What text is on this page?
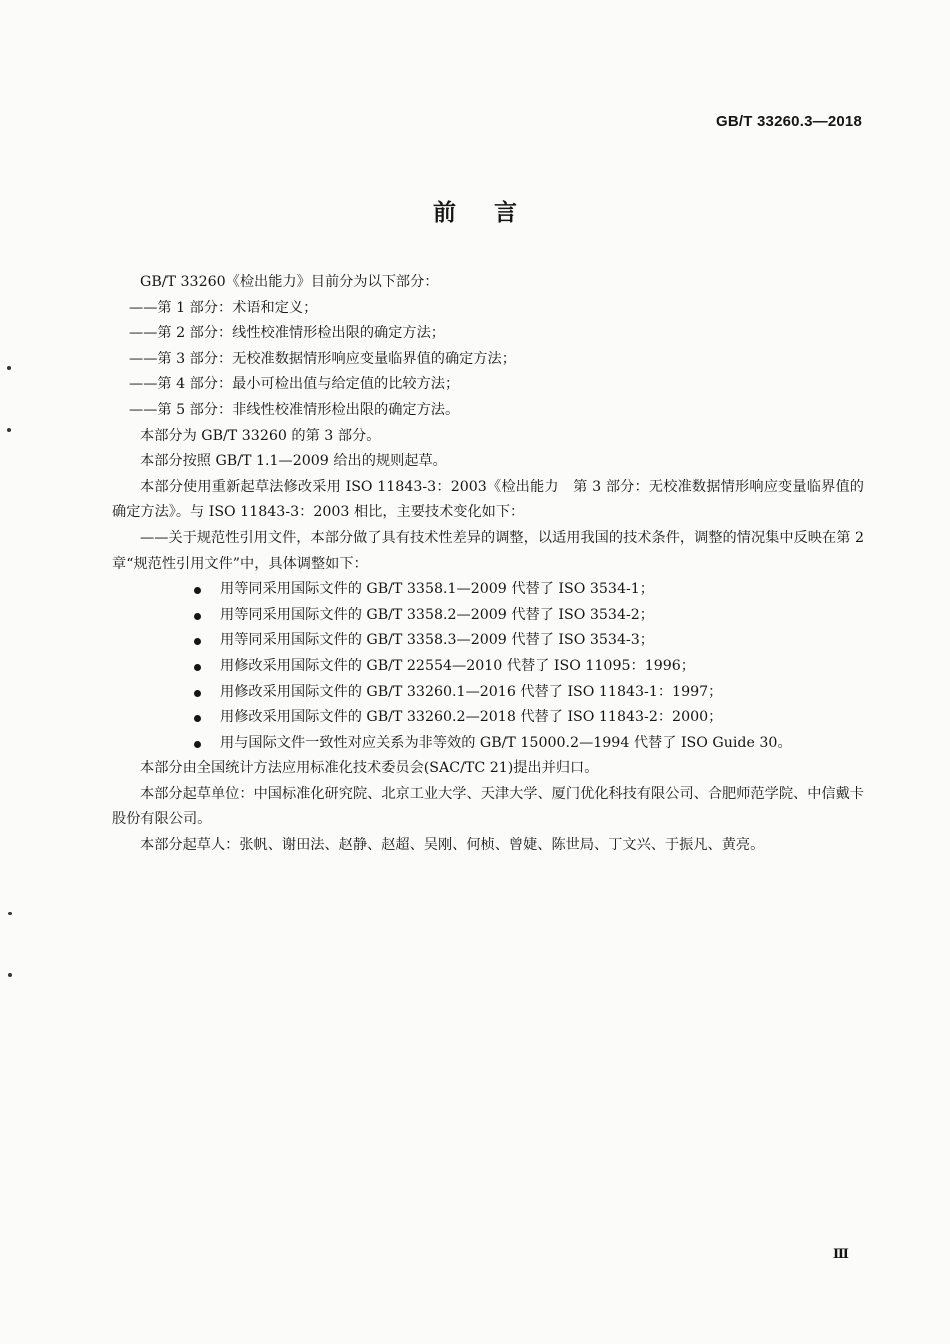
GB/T 33260.3—2018
前言

GB/T 33260《检出能力》目前分为以下部分：

——第 1 部分：术语和定义；

——第 2 部分：线性校准情形检出限的确定方法；

——第 3 部分：无校准数据情形响应变量临界值的确定方法；

——第 4 部分：最小可检出值与给定值的比较方法；

——第 5 部分：非线性校准情形检出限的确定方法。

本部分为 GB/T 33260 的第 3 部分。

本部分按照 GB/T 1.1—2009 给出的规则起草。

本部分使用重新起草法修改采用 ISO 11843-3：2003《检出能力　第 3 部分：无校准数据情形响应变量临界值的确定方法》。与 ISO 11843-3：2003 相比，主要技术变化如下：

——关于规范性引用文件，本部分做了具有技术性差异的调整，以适用我国的技术条件，调整的情况集中反映在第 2 章“规范性引用文件”中，具体调整如下：

用等同采用国际文件的 GB/T 3358.1—2009 代替了 ISO 3534-1；
用等同采用国际文件的 GB/T 3358.2—2009 代替了 ISO 3534-2；
用等同采用国际文件的 GB/T 3358.3—2009 代替了 ISO 3534-3；
用修改采用国际文件的 GB/T 22554—2010 代替了 ISO 11095：1996；
用修改采用国际文件的 GB/T 33260.1—2016 代替了 ISO 11843-1：1997；
用修改采用国际文件的 GB/T 33260.2—2018 代替了 ISO 11843-2：2000；
用与国际文件一致性对应关系为非等效的 GB/T 15000.2—1994 代替了 ISO Guide 30。

本部分由全国统计方法应用标准化技术委员会(SAC/TC 21)提出并归口。

本部分起草单位：中国标准化研究院、北京工业大学、天津大学、厦门优化科技有限公司、合肥师范学院、中信戴卡股份有限公司。

本部分起草人：张帆、谢田法、赵静、赵超、吴刚、何桢、曾婕、陈世局、丁文兴、于振凡、黄亮。

Ⅲ
